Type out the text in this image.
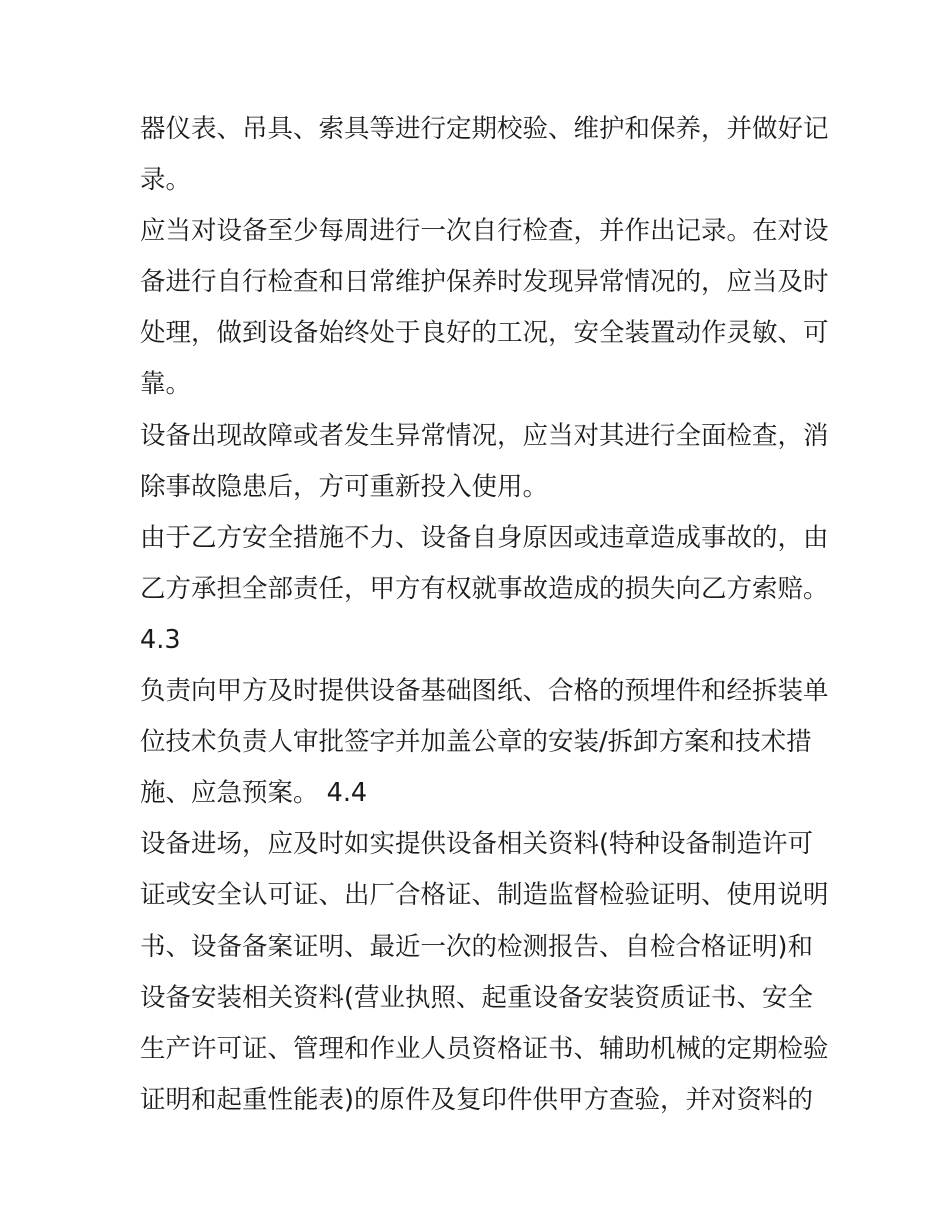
器仪表、吊具、索具等进行定期校验、维护和保养，并做好记
录。
应当对设备至少每周进行一次自行检查，并作出记录。在对设
备进行自行检查和日常维护保养时发现异常情况的，应当及时
处理，做到设备始终处于良好的工况，安全装置动作灵敏、可
靠。
设备出现故障或者发生异常情况，应当对其进行全面检查，消
除事故隐患后，方可重新投入使用。
由于乙方安全措施不力、设备自身原因或违章造成事故的，由
乙方承担全部责任，甲方有权就事故造成的损失向乙方索赔。
4.3
负责向甲方及时提供设备基础图纸、合格的预埋件和经拆装单
位技术负责人审批签字并加盖公章的安装/拆卸方案和技术措
施、应急预案。 4.4
设备进场，应及时如实提供设备相关资料(特种设备制造许可
证或安全认可证、出厂合格证、制造监督检验证明、使用说明
书、设备备案证明、最近一次的检测报告、自检合格证明)和
设备安装相关资料(营业执照、起重设备安装资质证书、安全
生产许可证、管理和作业人员资格证书、辅助机械的定期检验
证明和起重性能表)的原件及复印件供甲方查验，并对资料的
